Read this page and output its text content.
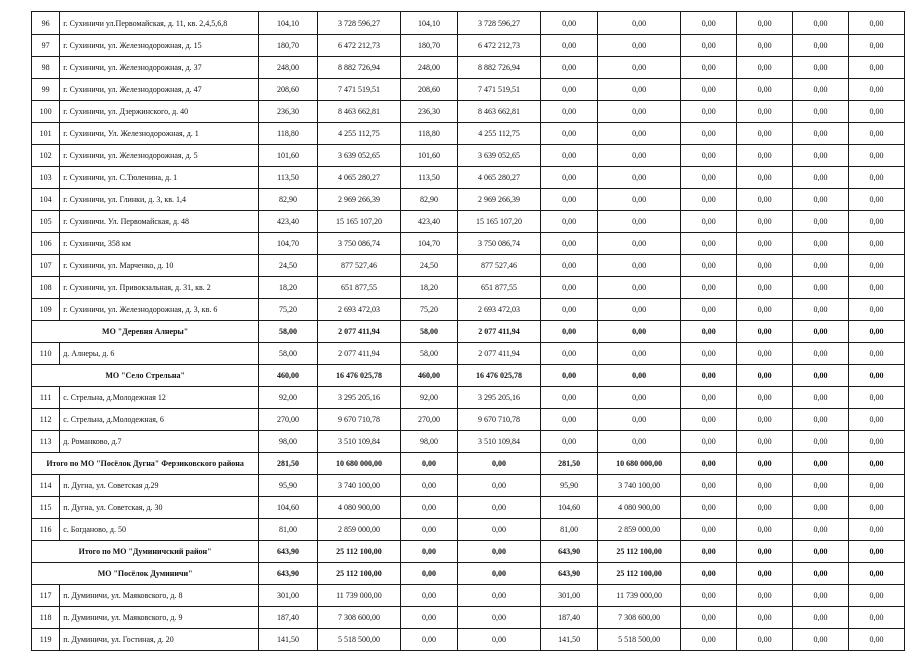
96	г. Сухиничи ул.Первомайская, д. 11, кв. 2,4,5,6,8	104,10	3 728 596,27	104,10	3 728 596,27	0,00	0,00	0,00	0,00	0,00	0,00
97	г. Сухиничи, ул. Железнодорожная, д. 15	180,70	6 472 212,73	180,70	6 472 212,73	0,00	0,00	0,00	0,00	0,00	0,00
98	г. Сухиничи, ул. Железнодорожная, д. 37	248,00	8 882 726,94	248,00	8 882 726,94	0,00	0,00	0,00	0,00	0,00	0,00
99	г. Сухиничи, ул. Железнодорожная, д. 47	208,60	7 471 519,51	208,60	7 471 519,51	0,00	0,00	0,00	0,00	0,00	0,00
100	г. Сухиничи, ул. Дзержинского, д. 40	236,30	8 463 662,81	236,30	8 463 662,81	0,00	0,00	0,00	0,00	0,00	0,00
101	г. Сухиничи, Ул. Железнодорожная, д. 1	118,80	4 255 112,75	118,80	4 255 112,75	0,00	0,00	0,00	0,00	0,00	0,00
102	г. Сухиничи, ул. Железнодорожная, д. 5	101,60	3 639 052,65	101,60	3 639 052,65	0,00	0,00	0,00	0,00	0,00	0,00
103	г. Сухиничи, ул. С.Тюленина, д. 1	113,50	4 065 280,27	113,50	4 065 280,27	0,00	0,00	0,00	0,00	0,00	0,00
104	г. Сухиничи, ул. Глинки, д. 3, кв. 1,4	82,90	2 969 266,39	82,90	2 969 266,39	0,00	0,00	0,00	0,00	0,00	0,00
105	г. Сухиничи. Ул. Первомайская, д. 48	423,40	15 165 107,20	423,40	15 165 107,20	0,00	0,00	0,00	0,00	0,00	0,00
106	г. Сухиничи, 358 км	104,70	3 750 086,74	104,70	3 750 086,74	0,00	0,00	0,00	0,00	0,00	0,00
107	г. Сухиничи, ул. Марченко, д. 10	24,50	877 527,46	24,50	877 527,46	0,00	0,00	0,00	0,00	0,00	0,00
108	г. Сухиничи, ул. Привокзальная, д. 31, кв. 2	18,20	651 877,55	18,20	651 877,55	0,00	0,00	0,00	0,00	0,00	0,00
109	г. Сухиничи, ул. Железнодорожная, д. 3, кв. 6	75,20	2 693 472,03	75,20	2 693 472,03	0,00	0,00	0,00	0,00	0,00	0,00
МО "Деревня Алнеры"		58,00	2 077 411,94	58,00	2 077 411,94	0,00	0,00	0,00	0,00	0,00	0,00
110	д. Алнеры, д. 6	58,00	2 077 411,94	58,00	2 077 411,94	0,00	0,00	0,00	0,00	0,00	0,00
МО "Село Стрельна"		460,00	16 476 025,78	460,00	16 476 025,78	0,00	0,00	0,00	0,00	0,00	0,00
111	с. Стрельна, д.Молодежная 12	92,00	3 295 205,16	92,00	3 295 205,16	0,00	0,00	0,00	0,00	0,00	0,00
112	с. Стрельна, д.Молодежная, 6	270,00	9 670 710,78	270,00	9 670 710,78	0,00	0,00	0,00	0,00	0,00	0,00
113	д. Романково, д.7	98,00	3 510 109,84	98,00	3 510 109,84	0,00	0,00	0,00	0,00	0,00	0,00
Итого по МО "Посёлок Дугна" Ферзиковского района		281,50	10 680 000,00	0,00	0,00	281,50	10 680 000,00	0,00	0,00	0,00	0,00
114	п. Дугна, ул. Советская д.29	95,90	3 740 100,00	0,00	0,00	95,90	3 740 100,00	0,00	0,00	0,00	0,00
115	п. Дугна, ул. Советская, д. 30	104,60	4 080 900,00	0,00	0,00	104,60	4 080 900,00	0,00	0,00	0,00	0,00
116	с. Богданово, д. 50	81,00	2 859 000,00	0,00	0,00	81,00	2 859 000,00	0,00	0,00	0,00	0,00
Итого по МО "Думиничский район"		643,90	25 112 100,00	0,00	0,00	643,90	25 112 100,00	0,00	0,00	0,00	0,00
МО "Посёлок Думиничи"		643,90	25 112 100,00	0,00	0,00	643,90	25 112 100,00	0,00	0,00	0,00	0,00
117	п. Думиничи, ул. Маяковского, д. 8	301,00	11 739 000,00	0,00	0,00	301,00	11 739 000,00	0,00	0,00	0,00	0,00
118	п. Думиничи, ул. Маяковского, д. 9	187,40	7 308 600,00	0,00	0,00	187,40	7 308 600,00	0,00	0,00	0,00	0,00
119	п. Думиничи, ул. Гостиная, д. 20	141,50	5 518 500,00	0,00	0,00	141,50	5 518 500,00	0,00	0,00	0,00	0,00
